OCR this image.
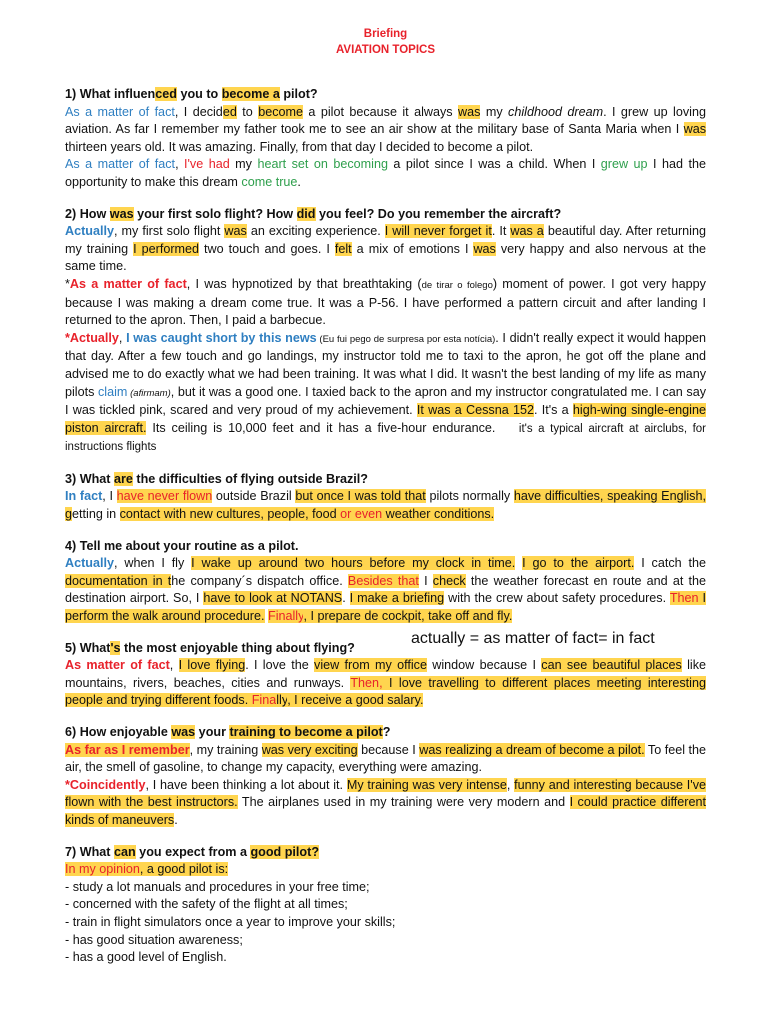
Briefing
AVIATION TOPICS
1) What influenced you to become a pilot?
As a matter of fact, I decided to become a pilot because it always was my childhood dream. I grew up loving aviation. As far I remember my father took me to see an air show at the military base of Santa Maria when I was thirteen years old. It was amazing. Finally, from that day I decided to become a pilot.
As a matter of fact, I've had my heart set on becoming a pilot since I was a child. When I grew up I had the opportunity to make this dream come true.
2) How was your first solo flight? How did you feel? Do you remember the aircraft?
Actually, my first solo flight was an exciting experience. I will never forget it. It was a beautiful day. After returning my training I performed two touch and goes. I felt a mix of emotions I was very happy and also nervous at the same time.
*As a matter of fact, I was hypnotized by that breathtaking (de tirar o folego) moment of power. I got very happy because I was making a dream come true. It was a P-56. I have performed a pattern circuit and after landing I returned to the apron. Then, I paid a barbecue.
*Actually, I was caught short by this news (Eu fui pego de surpresa por esta notícia). I didn't really expect it would happen that day. After a few touch and go landings, my instructor told me to taxi to the apron, he got off the plane and advised me to do exactly what we had been training. It was what I did. It wasn't the best landing of my life as many pilots claim (afirmam), but it was a good one. I taxied back to the apron and my instructor congratulated me. I can say I was tickled pink, scared and very proud of my achievement. It was a Cessna 152. It's a high-wing single-engine piston aircraft. Its ceiling is 10,000 feet and it has a five-hour endurance. it's a typical aircraft at airclubs, for instructions flights
3) What are the difficulties of flying outside Brazil?
In fact, I have never flown outside Brazil but once I was told that pilots normally have difficulties, speaking English, getting in contact with new cultures, people, food or even weather conditions.
4) Tell me about your routine as a pilot.
Actually, when I fly I wake up around two hours before my clock in time. I go to the airport. I catch the documentation in the company´s dispatch office. Besides that I check the weather forecast en route and at the destination airport. So, I have to look at NOTANS. I make a briefing with the crew about safety procedures. Then I perform the walk around procedure. Finally, I prepare de cockpit, take off and fly.
actually = as matter of fact= in fact
5) What's the most enjoyable thing about flying?
As matter of fact, I love flying. I love the view from my office window because I can see beautiful places like mountains, rivers, beaches, cities and runways. Then, I love travelling to different places meeting interesting people and trying different foods. Finally, I receive a good salary.
6) How enjoyable was your training to become a pilot?
As far as I remember, my training was very exciting because I was realizing a dream of become a pilot. To feel the air, the smell of gasoline, to change my capacity, everything were amazing.
*Coincidently, I have been thinking a lot about it. My training was very intense, funny and interesting because I've flown with the best instructors. The airplanes used in my training were very modern and I could practice different kinds of maneuvers.
7) What can you expect from a good pilot?
In my opinion, a good pilot is:
- study a lot manuals and procedures in your free time;
- concerned with the safety of the flight at all times;
- train in flight simulators once a year to improve your skills;
- has good situation awareness;
- has a good level of English.
